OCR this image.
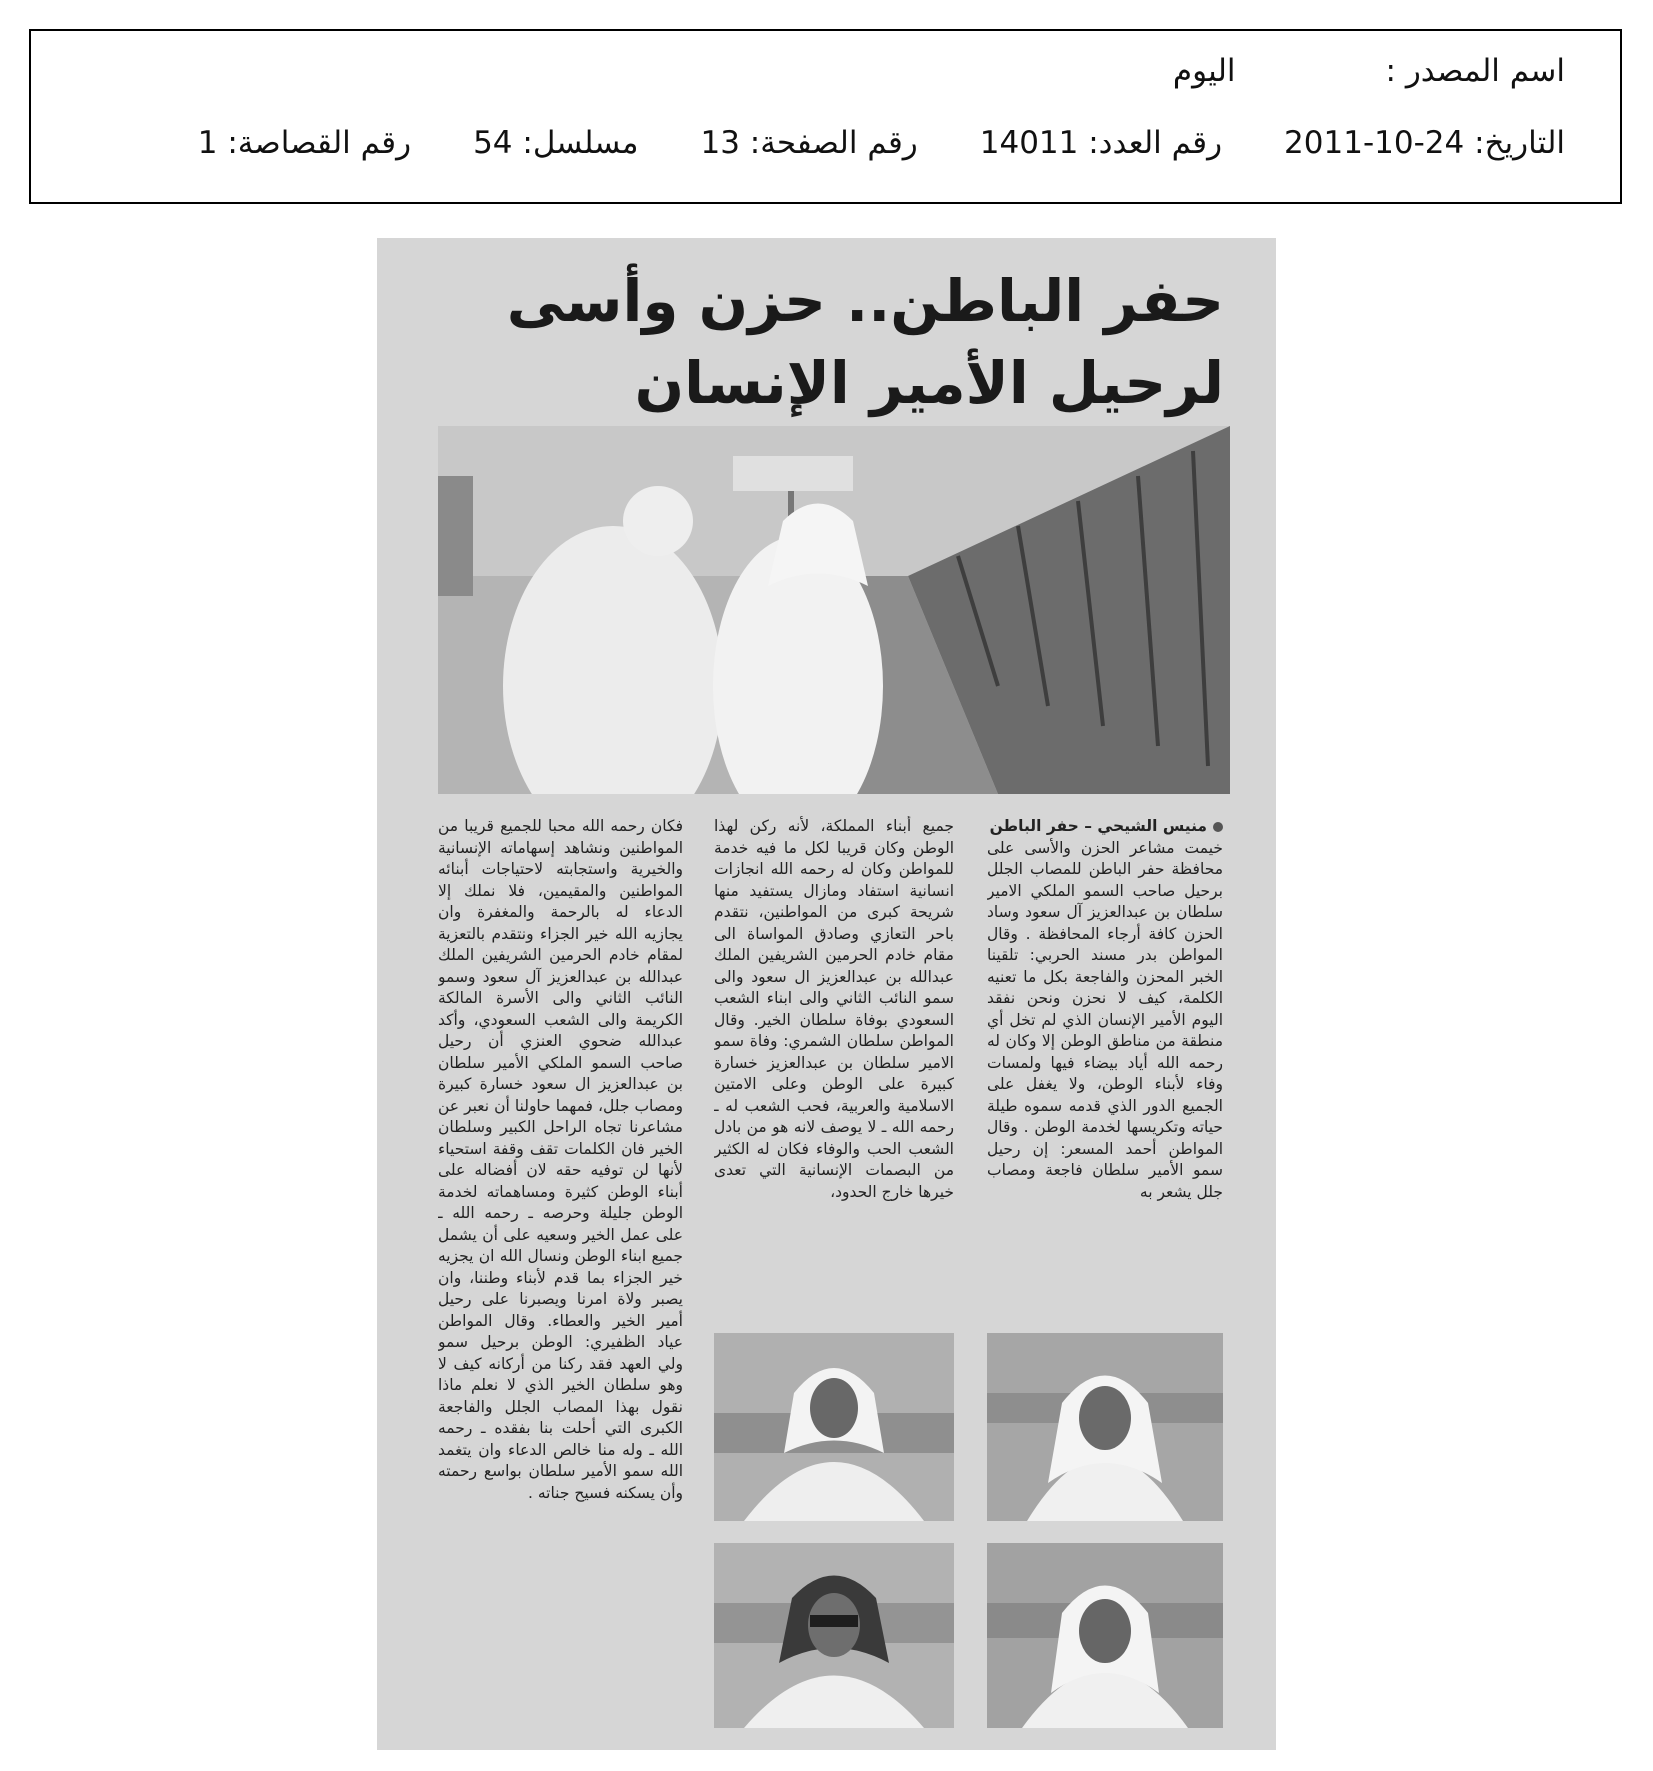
اسم المصدر :اليوم
التاريخ: 24-10-2011رقم العدد: 14011رقم الصفحة: 13مسلسل: 54رقم القصاصة: 1
حفر الباطن.. حزن وأسى
لرحيل الأمير الإنسان
منيس الشيحي – حفر الباطن
خيمت مشاعر الحزن والأسى على محافظة حفر الباطن للمصاب الجلل برحيل صاحب السمو الملكي الامير سلطان بن عبدالعزيز آل سعود وساد الحزن كافة أرجاء المحافظة . وقال المواطن بدر مسند الحربي: تلقينا الخبر المحزن والفاجعة بكل ما تعنيه الكلمة، كيف لا نحزن ونحن نفقد اليوم الأمير الإنسان الذي لم تخل أي منطقة من مناطق الوطن إلا وكان له رحمه الله أياد بيضاء فيها ولمسات وفاء لأبناء الوطن، ولا يغفل على الجميع الدور الذي قدمه سموه طيلة حياته وتكريسها لخدمة الوطن . وقال المواطن أحمد المسعر: إن رحيل سمو الأمير سلطان فاجعة ومصاب جلل يشعر به
جميع أبناء المملكة، لأنه ركن لهذا الوطن وكان قريبا لكل ما فيه خدمة للمواطن وكان له رحمه الله انجازات انسانية استفاد ومازال يستفيد منها شريحة كبرى من المواطنين، نتقدم باحر التعازي وصادق المواساة الى مقام خادم الحرمين الشريفين الملك عبدالله بن عبدالعزيز ال سعود والى سمو النائب الثاني والى ابناء الشعب السعودي بوفاة سلطان الخير. وقال المواطن سلطان الشمري: وفاة سمو الامير سلطان بن عبدالعزيز خسارة كبيرة على الوطن وعلى الامتين الاسلامية والعربية، فحب الشعب له ـ رحمه الله ـ لا يوصف لانه هو من بادل الشعب الحب والوفاء فكان له الكثير من البصمات الإنسانية التي تعدى خيرها خارج الحدود،
فكان رحمه الله محبا للجميع قريبا من المواطنين ونشاهد إسهاماته الإنسانية والخيرية واستجابته لاحتياجات أبنائه المواطنين والمقيمين، فلا نملك إلا الدعاء له بالرحمة والمغفرة وان يجازيه الله خير الجزاء ونتقدم بالتعزية لمقام خادم الحرمين الشريفين الملك عبدالله بن عبدالعزيز آل سعود وسمو النائب الثاني والى الأسرة المالكة الكريمة والى الشعب السعودي، وأكد عبدالله ضحوي العنزي أن رحيل صاحب السمو الملكي الأمير سلطان بن عبدالعزيز ال سعود خسارة كبيرة ومصاب جلل، فمهما حاولنا أن نعبر عن مشاعرنا تجاه الراحل الكبير وسلطان الخير فان الكلمات تقف وقفة استحياء لأنها لن توفيه حقه لان أفضاله على أبناء الوطن كثيرة ومساهماته لخدمة الوطن جليلة وحرصه ـ رحمه الله ـ على عمل الخير وسعيه على أن يشمل جميع ابناء الوطن ونسال الله ان يجزيه خير الجزاء بما قدم لأبناء وطننا، وان يصبر ولاة امرنا ويصبرنا على رحيل أمير الخير والعطاء. وقال المواطن عياد الظفيري: الوطن برحيل سمو ولي العهد فقد ركنا من أركانه كيف لا وهو سلطان الخير الذي لا نعلم ماذا نقول بهذا المصاب الجلل والفاجعة الكبرى التي أحلت بنا بفقده ـ رحمه الله ـ وله منا خالص الدعاء وان يتغمد الله سمو الأمير سلطان بواسع رحمته وأن يسكنه فسيح جناته .
